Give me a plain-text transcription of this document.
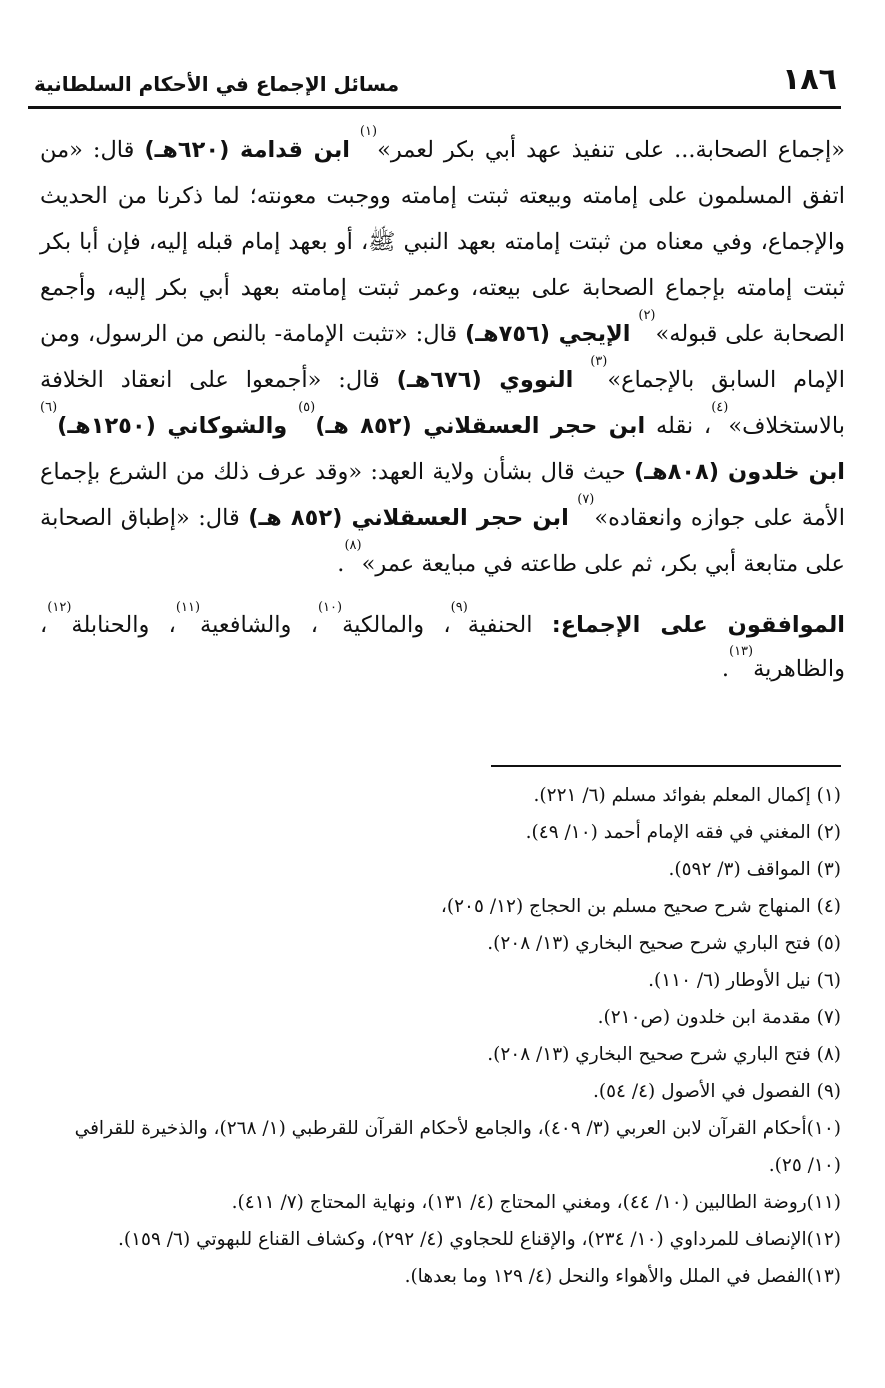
١٨٦
مسائل الإجماع في الأحكام السلطانية

«إجماع الصحابة... على تنفيذ عهد أبي بكر لعمر»$^{(١)}$ ابن قدامة (٦٢٠هـ) قال: «من اتفق المسلمون على إمامته وبيعته ثبتت إمامته ووجبت معونته؛ لما ذكرنا من الحديث والإجماع، وفي معناه من ثبتت إمامته بعهد النبي ﷺ، أو بعهد إمام قبله إليه، فإن أبا بكر ثبتت إمامته بإجماع الصحابة على بيعته، وعمر ثبتت إمامته بعهد أبي بكر إليه، وأجمع الصحابة على قبوله»$^{(٢)}$ الإيجي (٧٥٦هـ) قال: «تثبت الإمامة- بالنص من الرسول، ومن الإمام السابق بالإجماع»$^{(٣)}$ النووي (٦٧٦هـ) قال: «أجمعوا على انعقاد الخلافة بالاستخلاف»$^{(٤)}$، نقله ابن حجر العسقلاني (٨٥٢ هـ)$^{(٥)}$ والشوكاني (١٢٥٠هـ)$^{(٦)}$ ابن خلدون (٨٠٨هـ) حيث قال بشأن ولاية العهد: «وقد عرف ذلك من الشرع بإجماع الأمة على جوازه وانعقاده»$^{(٧)}$ ابن حجر العسقلاني (٨٥٢ هـ) قال: «إطباق الصحابة على متابعة أبي بكر، ثم على طاعته في مبايعة عمر»$^{(٨)}$.

الموافقون على الإجماع: الحنفية$^{(٩)}$، والمالكية$^{(١٠)}$، والشافعية$^{(١١)}$، والحنابلة$^{(١٢)}$، والظاهرية$^{(١٣)}$.

(١) إكمال المعلم بفوائد مسلم (٦/ ٢٢١).

(٢) المغني في فقه الإمام أحمد (١٠/ ٤٩).

(٣) المواقف (٣/ ٥٩٢).

(٤) المنهاج شرح صحيح مسلم بن الحجاج (١٢/ ٢٠٥)،

(٥) فتح الباري شرح صحيح البخاري (١٣/ ٢٠٨).

(٦) نيل الأوطار (٦/ ١١٠).

(٧) مقدمة ابن خلدون (ص٢١٠).

(٨) فتح الباري شرح صحيح البخاري (١٣/ ٢٠٨).

(٩) الفصول في الأصول (٤/ ٥٤).

(١٠)أحكام القرآن لابن العربي (٣/ ٤٠٩)، والجامع لأحكام القرآن للقرطبي (١/ ٢٦٨)، والذخيرة للقرافي (١٠/ ٢٥).

(١١)روضة الطالبين (١٠/ ٤٤)، ومغني المحتاج (٤/ ١٣١)، ونهاية المحتاج (٧/ ٤١١).

(١٢)الإنصاف للمرداوي (١٠/ ٢٣٤)، والإقناع للحجاوي (٤/ ٢٩٢)، وكشاف القناع للبهوتي (٦/ ١٥٩).

(١٣)الفصل في الملل والأهواء والنحل (٤/ ١٢٩ وما بعدها).
